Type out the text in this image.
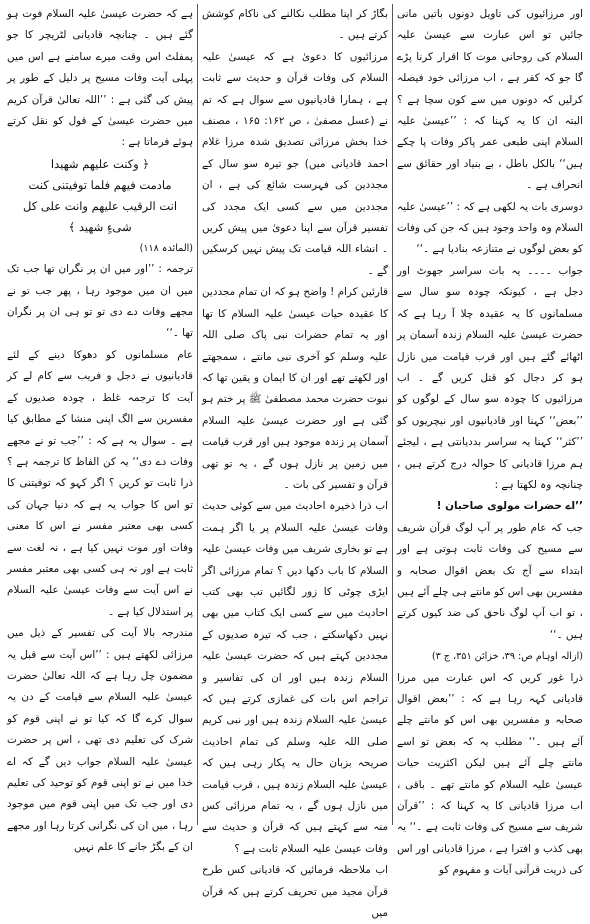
اور مرزائیوں کی تاویل دونوں باتیں مانی جائیں تو اس عبارت سے عیسیٰ علیہ السلام کی روحانی موت کا اقرار کرنا پڑے گا جو کہ کفر ہے ، اب مرزائی خود فیصلہ کرلیں کہ دونوں میں سے کون سچا ہے ؟ البتہ ان کا یہ کہنا کہ : ’’عیسیٰ علیہ السلام اپنی طبعی عمر پاکر وفات پا چکے ہیں‘‘ بالکل باطل ، بے بنیاد اور حقائق سے انحراف ہے ۔

دوسری بات یہ لکھی ہے کہ : ’’عیسیٰ علیہ السلام وہ واحد وجود ہیں کہ جن کی وفات کو بعض لوگوں نے متنازعہ بنادیا ہے ۔‘‘

جواب ۔۔۔۔ یہ بات سراسر جھوٹ اور دجل ہے ، کیونکہ چودہ سو سال سے مسلمانوں کا یہ عقیدہ چلا آ رہا ہے کہ حضرت عیسیٰ علیہ السلام زندہ آسمان پر اٹھائے گئے ہیں اور قرب قیامت میں نازل ہو کر دجال کو قتل کریں گے ۔ اب مرزائیوں کا چودہ سو سال کے لوگوں کو ’’بعض‘‘ کہنا اور قادیانیوں اور نیچریوں کو ’’کثر‘‘ کہنا یہ سراسر بددیانتی ہے ، لیجئے ہم مرزا قادیانی کا حوالہ درج کرتے ہیں ، چنانچہ وہ لکھتا ہے :

’’اے حضرات مولوی صاحبان !

جب کہ عام طور پر آپ لوگ قرآن شریف سے مسیح کی وفات ثابت ہوتی ہے اور ابتداء سے آج تک بعض اقوال صحابہ و مفسرین بھی اس کو مانتے ہی چلے آئے ہیں ، تو اب آپ لوگ ناحق کی ضد کیوں کرتے ہیں ۔‘‘

(ازالہ اوہام ص: ۳۹، خزائن ۳۵۱، ج ۳)

ذرا غور کریں کہ اس عبارت میں مرزا قادیانی کہہ رہا ہے کہ : ’’بعض اقوال صحابہ و مفسرین بھی اس کو مانتے چلے آئے ہیں ۔‘‘ مطلب یہ کہ بعض تو اسے مانتے چلے آئے ہیں لیکن اکثریت حیات عیسیٰ علیہ السلام کو مانتے تھے ۔ باقی ، اب مرزا قادیانی کا یہ کہنا کہ : ’’قرآن شریف سے مسیح کی وفات ثابت ہے ۔‘‘ یہ بھی کذب و افترا ہے ، مرزا قادیانی اور اس کی ذریت قرآنی آیات و مفہوم کو

بگاڑ کر اپنا مطلب نکالنے کی ناکام کوشش کرتے ہیں ۔

مرزائیوں کا دعویٰ ہے کہ عیسیٰ علیہ السلام کی وفات قرآن و حدیث سے ثابت ہے ، ہمارا قادیانیوں سے سوال ہے کہ تم نے (عسل مصفیٰ ، ص ۱۶۲: ۱۶۵ ، مصنف خدا بخش مرزائی تصدیق شدہ مرزا غلام احمد قادیانی میں) جو تیرہ سو سال کے مجددین کی فہرست شائع کی ہے ، ان مجددین میں سے کسی ایک مجدد کی تفسیر قرآن سے اپنا دعویٰ میں پیش کریں ۔ انشاء اللہ قیامت تک پیش نہیں کرسکیں گے ۔

قارئین کرام ! واضح ہو کہ ان تمام مجددین کا عقیدہ حیات عیسیٰ علیہ السلام کا تھا اور یہ تمام حضرات نبی پاک صلی اللہ علیہ وسلم کو آخری نبی مانتے ، سمجھتے اور لکھتے تھے اور ان کا ایمان و یقین تھا کہ نبوت حضرت محمد مصطفیٰ ﷺ پر ختم ہو گئی ہے اور حضرت عیسیٰ علیہ السلام آسمان پر زندہ موجود ہیں اور قرب قیامت میں زمین پر نازل ہوں گے ، یہ تو تھی قرآن و تفسیر کی بات ۔

اب ذرا ذخیرہ احادیث میں سے کوئی حدیث وفات عیسیٰ علیہ السلام پر یا اگر ہمت ہے تو بخاری شریف میں وفات عیسیٰ علیہ السلام کا باب دکھا دیں ؟ تمام مرزائی اگر ایڑی چوٹی کا زور لگائیں تب بھی کتب احادیث میں سے کسی ایک کتاب میں بھی نہیں دکھاسکتے ، جب کہ تیرہ صدیوں کے مجددین کہتے ہیں کہ حضرت عیسیٰ علیہ السلام زندہ ہیں اور ان کی تفاسیر و تراجم اس بات کی غمازی کرتے ہیں کہ عیسیٰ علیہ السلام زندہ ہیں اور نبی کریم صلی اللہ علیہ وسلم کی تمام احادیث صریحہ بزبان حال یہ پکار رہی ہیں کہ عیسیٰ علیہ السلام زندہ ہیں ، قرب قیامت میں نازل ہوں گے ، یہ تمام مرزائی کس منہ سے کہتے ہیں کہ قرآن و حدیث سے وفات عیسیٰ علیہ السلام ثابت ہے ؟

اب ملاحظہ فرمائیں کہ قادیانی کس طرح قرآن مجید میں تحریف کرتے ہیں کہ قرآن میں

ہے کہ حضرت عیسیٰ علیہ السلام فوت ہو گئے ہیں ۔ چنانچہ قادیانی لٹریچر کا جو پمفلٹ اس وقت میرے سامنے ہے اس میں پہلی آیت وفات مسیح پر دلیل کے طور پر پیش کی گئی ہے : ’’اللہ تعالیٰ قرآن کریم میں حضرت عیسیٰ کے قول کو نقل کرتے ہوئے فرماتا ہے :

﴿ وکنت علیھم شھیدا

مادمت فیھم فلما توفیتنی کنت

انت الرقیب علیھم وانت علی کل

شیءٍ شھید ﴾

(المائدہ ۱۱۸)

ترجمہ : ’’اور میں ان پر نگران تھا جب تک میں ان میں موجود رہا ، پھر جب تو نے مجھے وفات دے دی تو تو ہی ان پر نگران تھا ۔‘‘

عام مسلمانوں کو دھوکا دینے کے لئے قادیانیوں نے دجل و فریب سے کام لے کر آیت کا ترجمہ غلط ، چودہ صدیوں کے مفسرین سے الگ اپنی منشا کے مطابق کیا ہے ۔ سوال یہ ہے کہ : ’’جب تو نے مجھے وفات دے دی‘‘ یہ کن الفاظ کا ترجمہ ہے ؟ ذرا ثابت تو کریں ؟ اگر کہو کہ توفیتنی کا تو اس کا جواب یہ ہے کہ دنیا جہان کی کسی بھی معتبر مفسر نے اس کا معنی وفات اور موت نہیں کیا ہے ، نہ لغت سے ثابت ہے اور نہ ہی کسی بھی معتبر مفسر نے اس آیت سے وفات عیسیٰ علیہ السلام پر استدلال کیا ہے ۔

مندرجہ بالا آیت کی تفسیر کے ذیل میں مرزائی لکھتے ہیں : ’’اس آیت سے قبل یہ مضمون چل رہا ہے کہ اللہ تعالیٰ حضرت عیسیٰ علیہ السلام سے قیامت کے دن یہ سوال کرے گا کہ کیا تو نے اپنی قوم کو شرک کی تعلیم دی تھی ، اس پر حضرت عیسیٰ علیہ السلام جواب دیں گے کہ اے خدا میں نے تو اپنی قوم کو توحید کی تعلیم دی اور جب تک میں اپنی قوم میں موجود رہا ، میں ان کی نگرانی کرتا رہا اور مجھے ان کے بگڑ جانے کا علم نہیں
